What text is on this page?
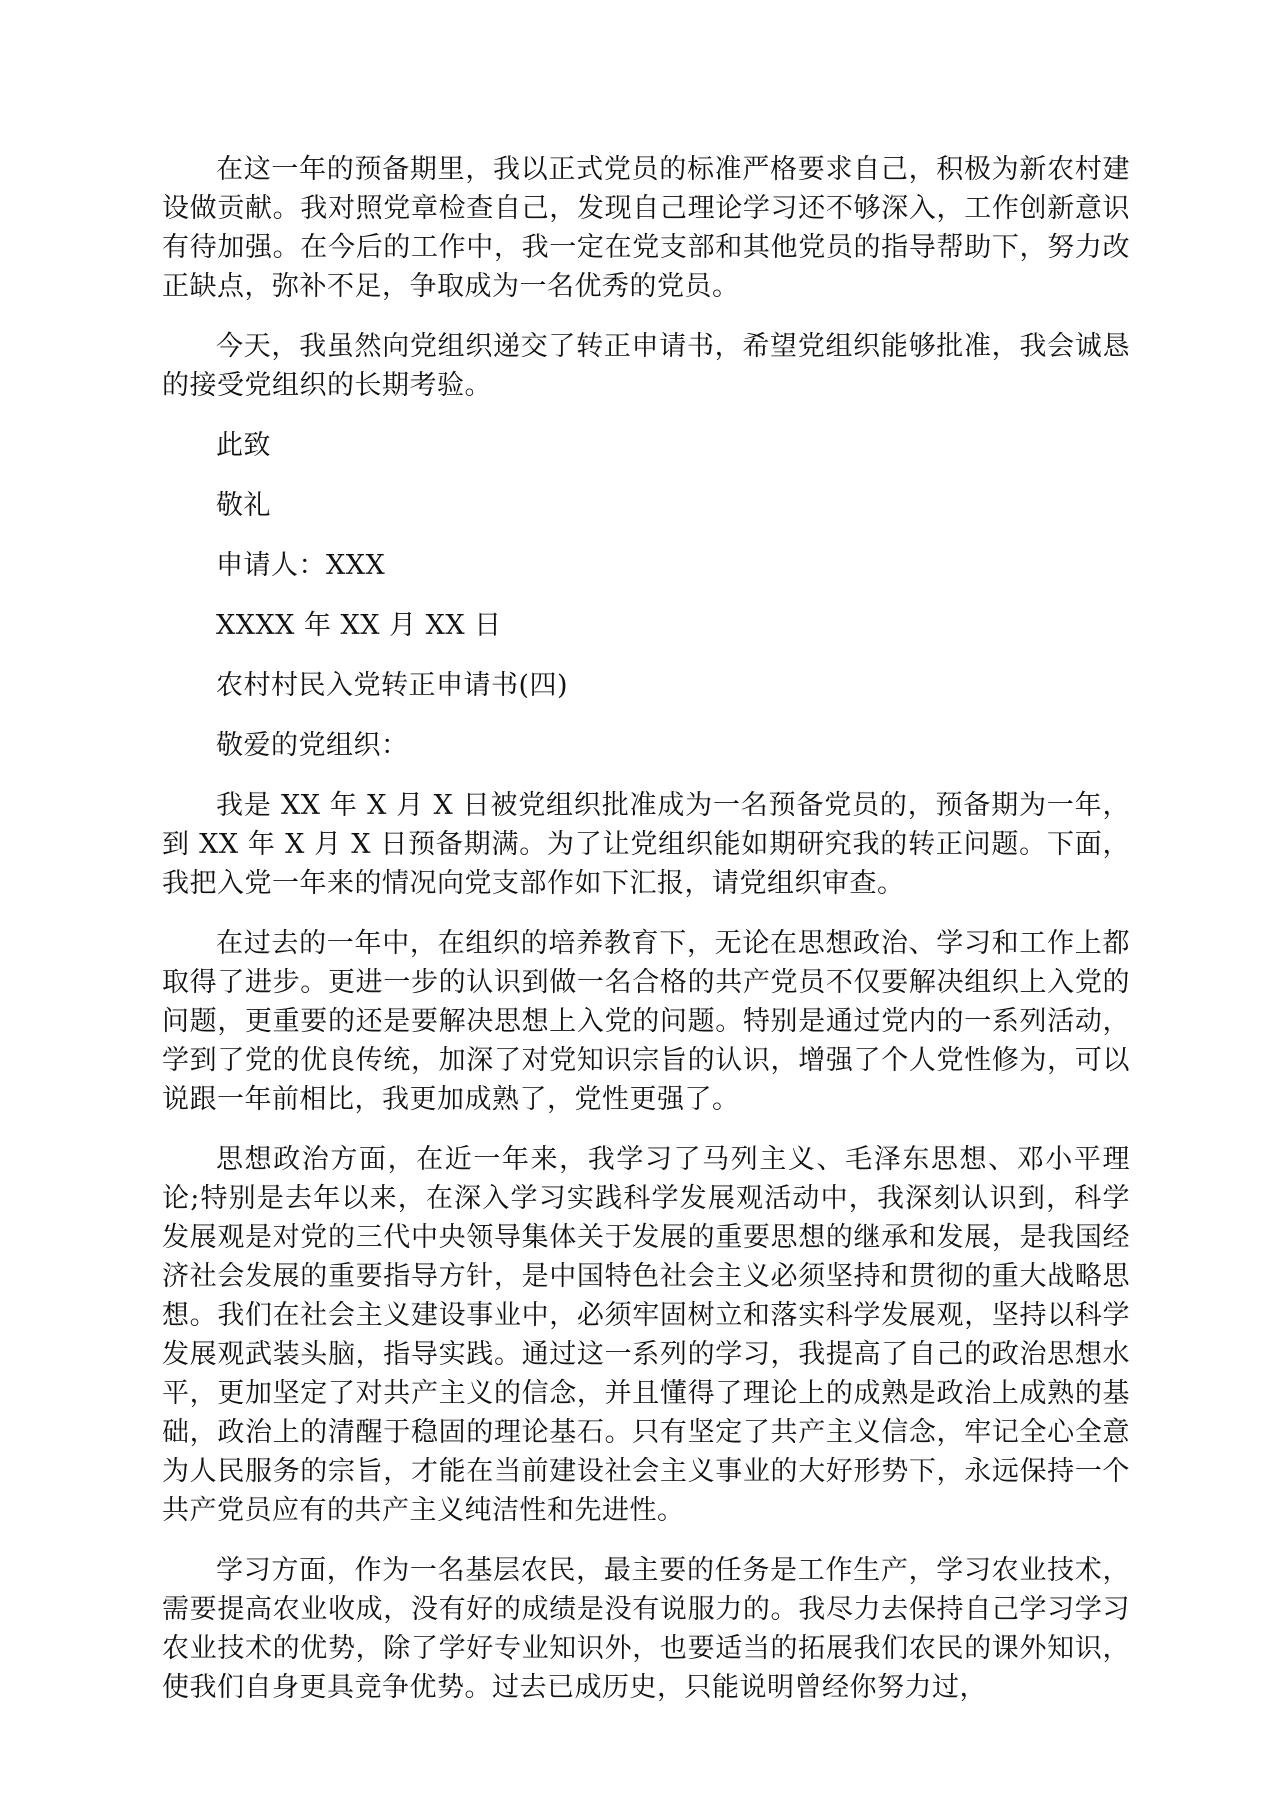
在这一年的预备期里，我以正式党员的标准严格要求自己，积极为新农村建设做贡献。我对照党章检查自己，发现自己理论学习还不够深入，工作创新意识有待加强。在今后的工作中，我一定在党支部和其他党员的指导帮助下，努力改正缺点，弥补不足，争取成为一名优秀的党员。

今天，我虽然向党组织递交了转正申请书，希望党组织能够批准，我会诚恳的接受党组织的长期考验。

此致

敬礼

申请人：XXX

XXXX 年 XX 月 XX 日

农村村民入党转正申请书(四)

敬爱的党组织：

我是 XX 年 X 月 X 日被党组织批准成为一名预备党员的，预备期为一年，到 XX 年 X 月 X 日预备期满。为了让党组织能如期研究我的转正问题。下面，我把入党一年来的情况向党支部作如下汇报，请党组织审查。

在过去的一年中，在组织的培养教育下，无论在思想政治、学习和工作上都取得了进步。更进一步的认识到做一名合格的共产党员不仅要解决组织上入党的问题，更重要的还是要解决思想上入党的问题。特别是通过党内的一系列活动，学到了党的优良传统，加深了对党知识宗旨的认识，增强了个人党性修为，可以说跟一年前相比，我更加成熟了，党性更强了。

思想政治方面，在近一年来，我学习了马列主义、毛泽东思想、邓小平理论;特别是去年以来，在深入学习实践科学发展观活动中，我深刻认识到，科学发展观是对党的三代中央领导集体关于发展的重要思想的继承和发展，是我国经济社会发展的重要指导方针，是中国特色社会主义必须坚持和贯彻的重大战略思想。我们在社会主义建设事业中，必须牢固树立和落实科学发展观，坚持以科学发展观武装头脑，指导实践。通过这一系列的学习，我提高了自己的政治思想水平，更加坚定了对共产主义的信念，并且懂得了理论上的成熟是政治上成熟的基础，政治上的清醒于稳固的理论基石。只有坚定了共产主义信念，牢记全心全意为人民服务的宗旨，才能在当前建设社会主义事业的大好形势下，永远保持一个共产党员应有的共产主义纯洁性和先进性。

学习方面，作为一名基层农民，最主要的任务是工作生产，学习农业技术，需要提高农业收成，没有好的成绩是没有说服力的。我尽力去保持自己学习学习农业技术的优势，除了学好专业知识外，也要适当的拓展我们农民的课外知识，使我们自身更具竞争优势。过去已成历史，只能说明曾经你努力过，
